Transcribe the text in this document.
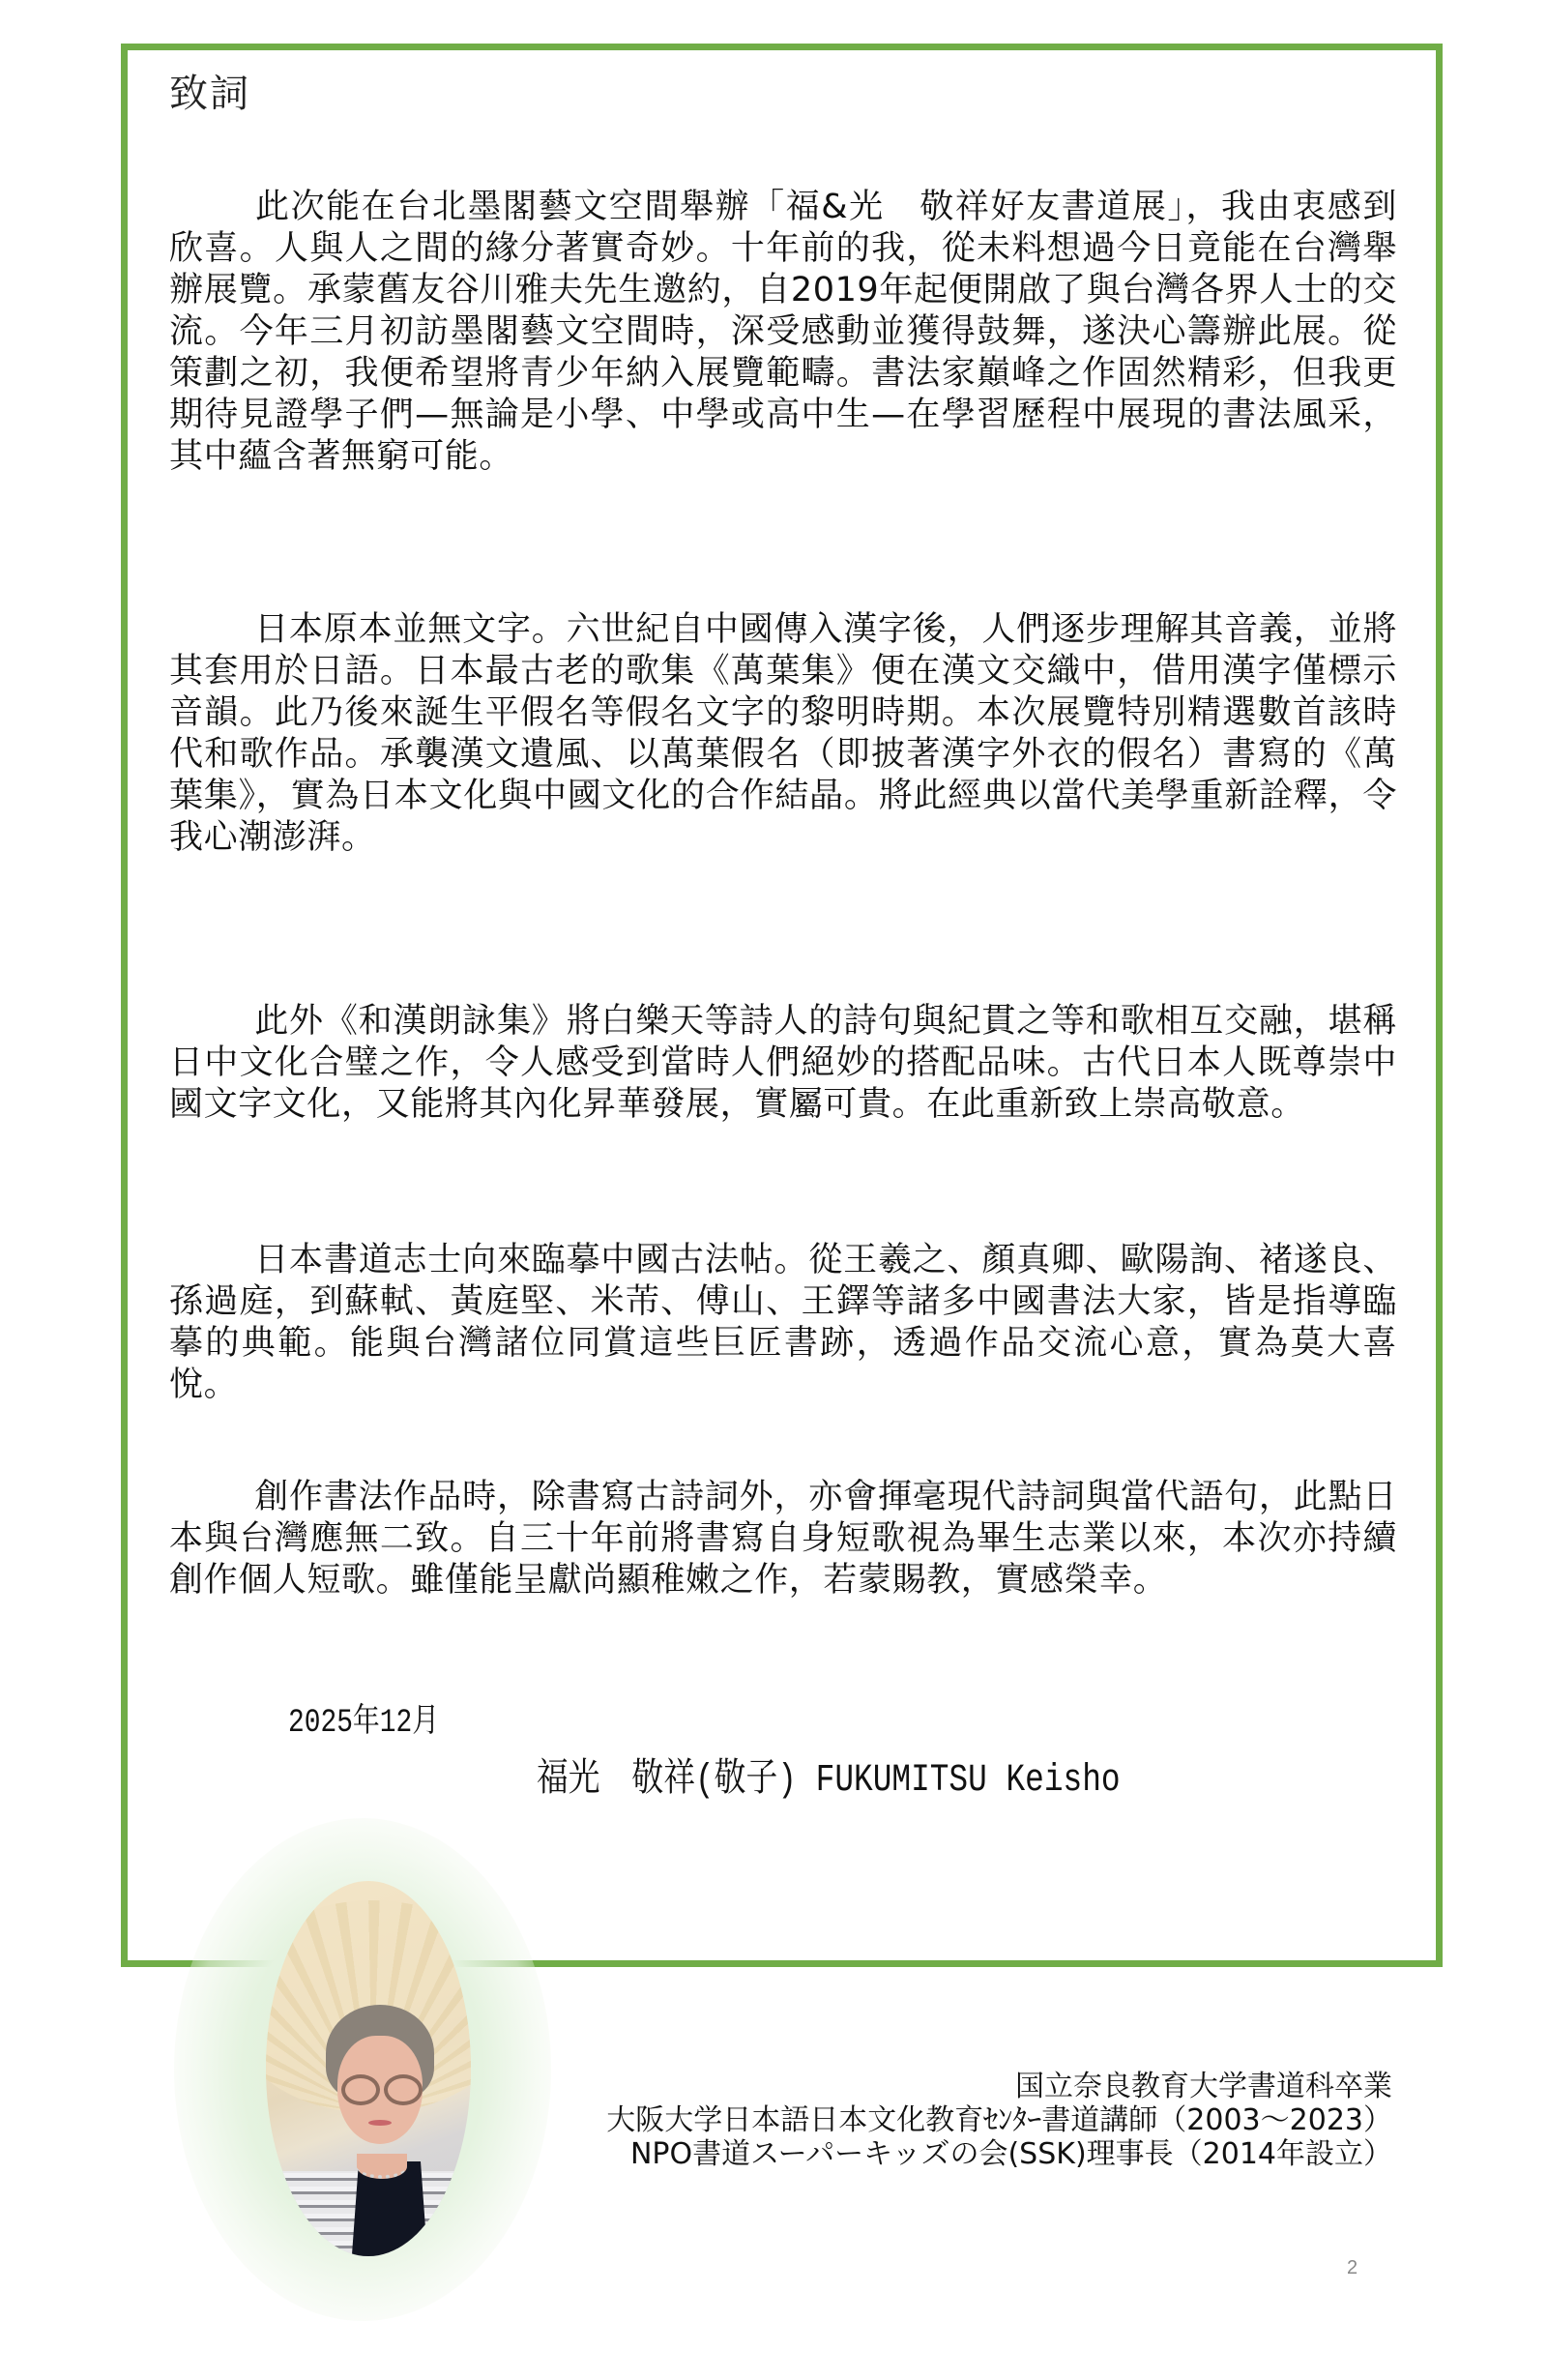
致詞

此次能在台北墨閣藝文空間舉辦「福&光　敬祥好友書道展」，我由衷感到欣喜。人與人之間的緣分著實奇妙。十年前的我，從未料想過今日竟能在台灣舉辦展覽。承蒙舊友谷川雅夫先生邀約，自2019年起便開啟了與台灣各界人士的交流。今年三月初訪墨閣藝文空間時，深受感動並獲得鼓舞，遂決心籌辦此展。從策劃之初，我便希望將青少年納入展覽範疇。書法家巔峰之作固然精彩，但我更期待見證學子們—無論是小學、中學或高中生—在學習歷程中展現的書法風采，其中蘊含著無窮可能。

日本原本並無文字。六世紀自中國傳入漢字後，人們逐步理解其音義，並將其套用於日語。日本最古老的歌集《萬葉集》便在漢文交織中，借用漢字僅標示音韻。此乃後來誕生平假名等假名文字的黎明時期。本次展覽特別精選數首該時代和歌作品。承襲漢文遺風、以萬葉假名（即披著漢字外衣的假名）書寫的《萬葉集》，實為日本文化與中國文化的合作結晶。將此經典以當代美學重新詮釋，令我心潮澎湃。

此外《和漢朗詠集》將白樂天等詩人的詩句與紀貫之等和歌相互交融，堪稱日中文化合璧之作，令人感受到當時人們絕妙的搭配品味。古代日本人既尊崇中國文字文化，又能將其內化昇華發展，實屬可貴。在此重新致上崇高敬意。

日本書道志士向來臨摹中國古法帖。從王羲之、顏真卿、歐陽詢、褚遂良、孫過庭，到蘇軾、黃庭堅、米芾、傅山、王鐸等諸多中國書法大家，皆是指導臨摹的典範。能與台灣諸位同賞這些巨匠書跡，透過作品交流心意，實為莫大喜悅。

創作書法作品時，除書寫古詩詞外，亦會揮毫現代詩詞與當代語句，此點日本與台灣應無二致。自三十年前將書寫自身短歌視為畢生志業以來，本次亦持續創作個人短歌。雖僅能呈獻尚顯稚嫩之作，若蒙賜教，實感榮幸。

2025年12月
福光　敬祥(敬子) FUKUMITSU Keisho
国立奈良教育大学書道科卒業
大阪大学日本語日本文化教育ｾﾝﾀｰ書道講師（2003～2023）
NPO書道スーパーキッズの会(SSK)理事長（2014年設立）
2
